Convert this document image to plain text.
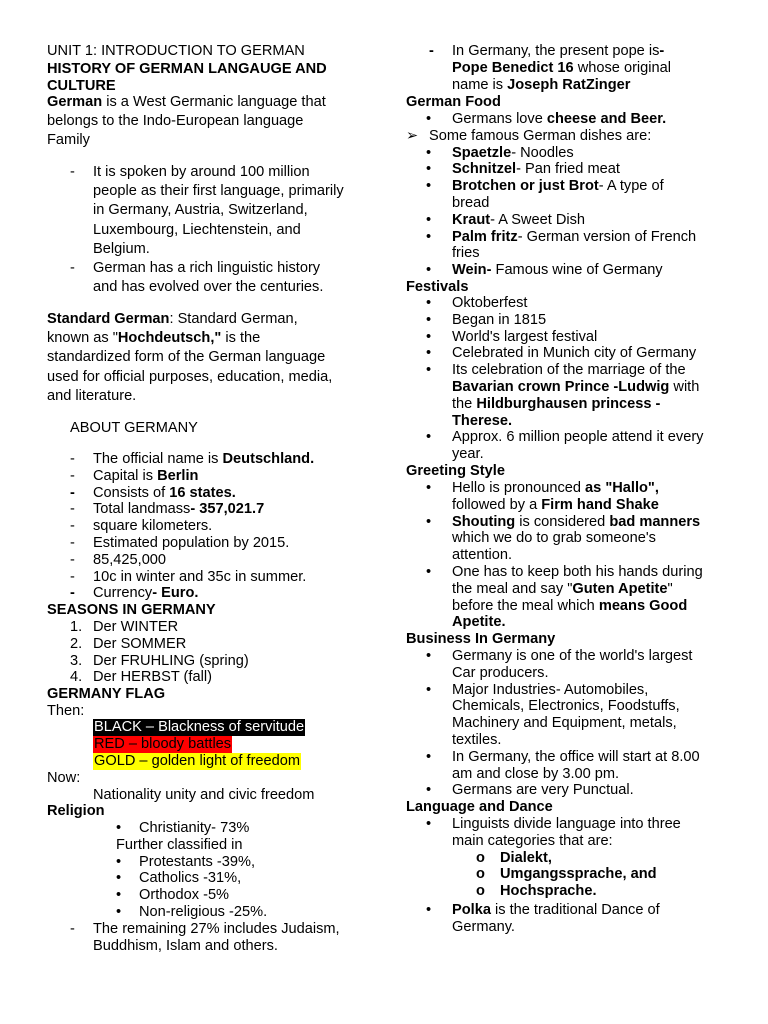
UNIT 1: INTRODUCTION TO GERMAN
HISTORY OF GERMAN LANGAUGE AND
CULTURE
German is a West Germanic language that
belongs to the Indo-European language
Family
-	It is spoken by around 100 million
people as their first language, primarily
in Germany, Austria, Switzerland,
Luxembourg, Liechtenstein, and
Belgium.
-	German has a rich linguistic history
and has evolved over the centuries.
Standard German: Standard German,
known as "Hochdeutsch," is the
standardized form of the German language
used for official purposes, education, media,
and literature.
ABOUT GERMANY
-	The official name is Deutschland.
-	Capital is Berlin
-	Consists of 16 states.
-	Total landmass- 357,021.7
-	square kilometers.
-	Estimated population by 2015.
-	85,425,000
-	10c in winter and 35c in summer.
-	Currency- Euro.
SEASONS IN GERMANY
1. Der WINTER
2. Der SOMMER
3. Der FRUHLING (spring)
4. Der HERBST (fall)
GERMANY FLAG
Then:
BLACK – Blackness of servitude
RED – bloody battles
GOLD – golden light of freedom
Now:
Nationality unity and civic freedom
Religion
•	Christianity- 73%
Further classified in
•	Protestants -39%,
•	Catholics -31%,
•	Orthodox -5%
•	Non-religious -25%.
-	The remaining 27% includes Judaism,
Buddhism, Islam and others.
-	In Germany, the present pope is-
Pope Benedict 16 whose original
name is Joseph RatZinger
German Food
•	Germans love cheese and Beer.
➢ Some famous German dishes are:
•	Spaetzle- Noodles
•	Schnitzel- Pan fried meat
•	Brotchen or just Brot- A type of
bread
•	Kraut- A Sweet Dish
•	Palm fritz- German version of French
fries
•	Wein- Famous wine of Germany
Festivals
•	Oktoberfest
•	Began in 1815
•	World's largest festival
•	Celebrated in Munich city of Germany
•	Its celebration of the marriage of the
Bavarian crown Prince -Ludwig with
the Hildburghausen princess -
Therese.
•	Approx. 6 million people attend it every
year.
Greeting Style
•	Hello is pronounced as "Hallo",
followed by a Firm hand Shake
•	Shouting is considered bad manners
which we do to grab someone's
attention.
•	One has to keep both his hands during
the meal and say "Guten Apetite"
before the meal which means Good
Apetite.
Business In Germany
•	Germany is one of the world's largest
Car producers.
•	Major Industries- Automobiles,
Chemicals, Electronics, Foodstuffs,
Machinery and Equipment, metals,
textiles.
•	In Germany, the office will start at 8.00
am and close by 3.00 pm.
•	Germans are very Punctual.
Language and Dance
•	Linguists divide language into three
main categories that are:
o	Dialekt,
o	Umgangssprache, and
o	Hochsprache.
•	Polka is the traditional Dance of
Germany.
